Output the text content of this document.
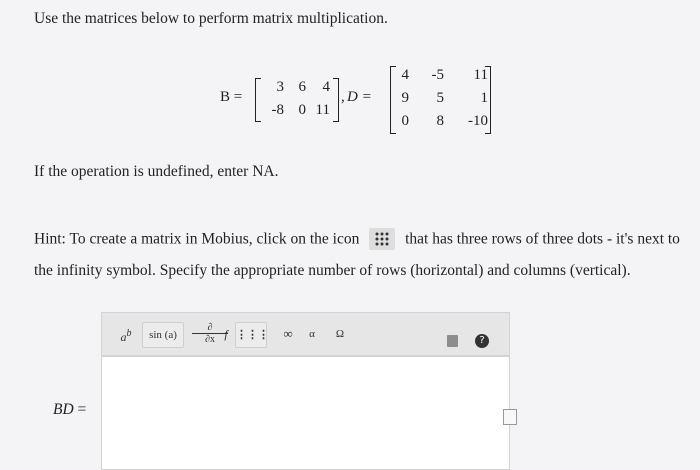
Use the matrices below to perform matrix multiplication.
B =
3 6	4
-8 0 11
, D =
4	-5	11
9	5	1
0	8	-10
If the operation is undefined, enter NA.
Hint: To create a matrix in Mobius, click on the icon	that has three rows of three dots - it's next to
the infinity symbol. Specify the appropriate number of rows (horizontal) and columns (vertical).
$a^b$	sin (a)
∂
∂x f ⋮⋮⋮	∞	α	Ω
?
BD =
